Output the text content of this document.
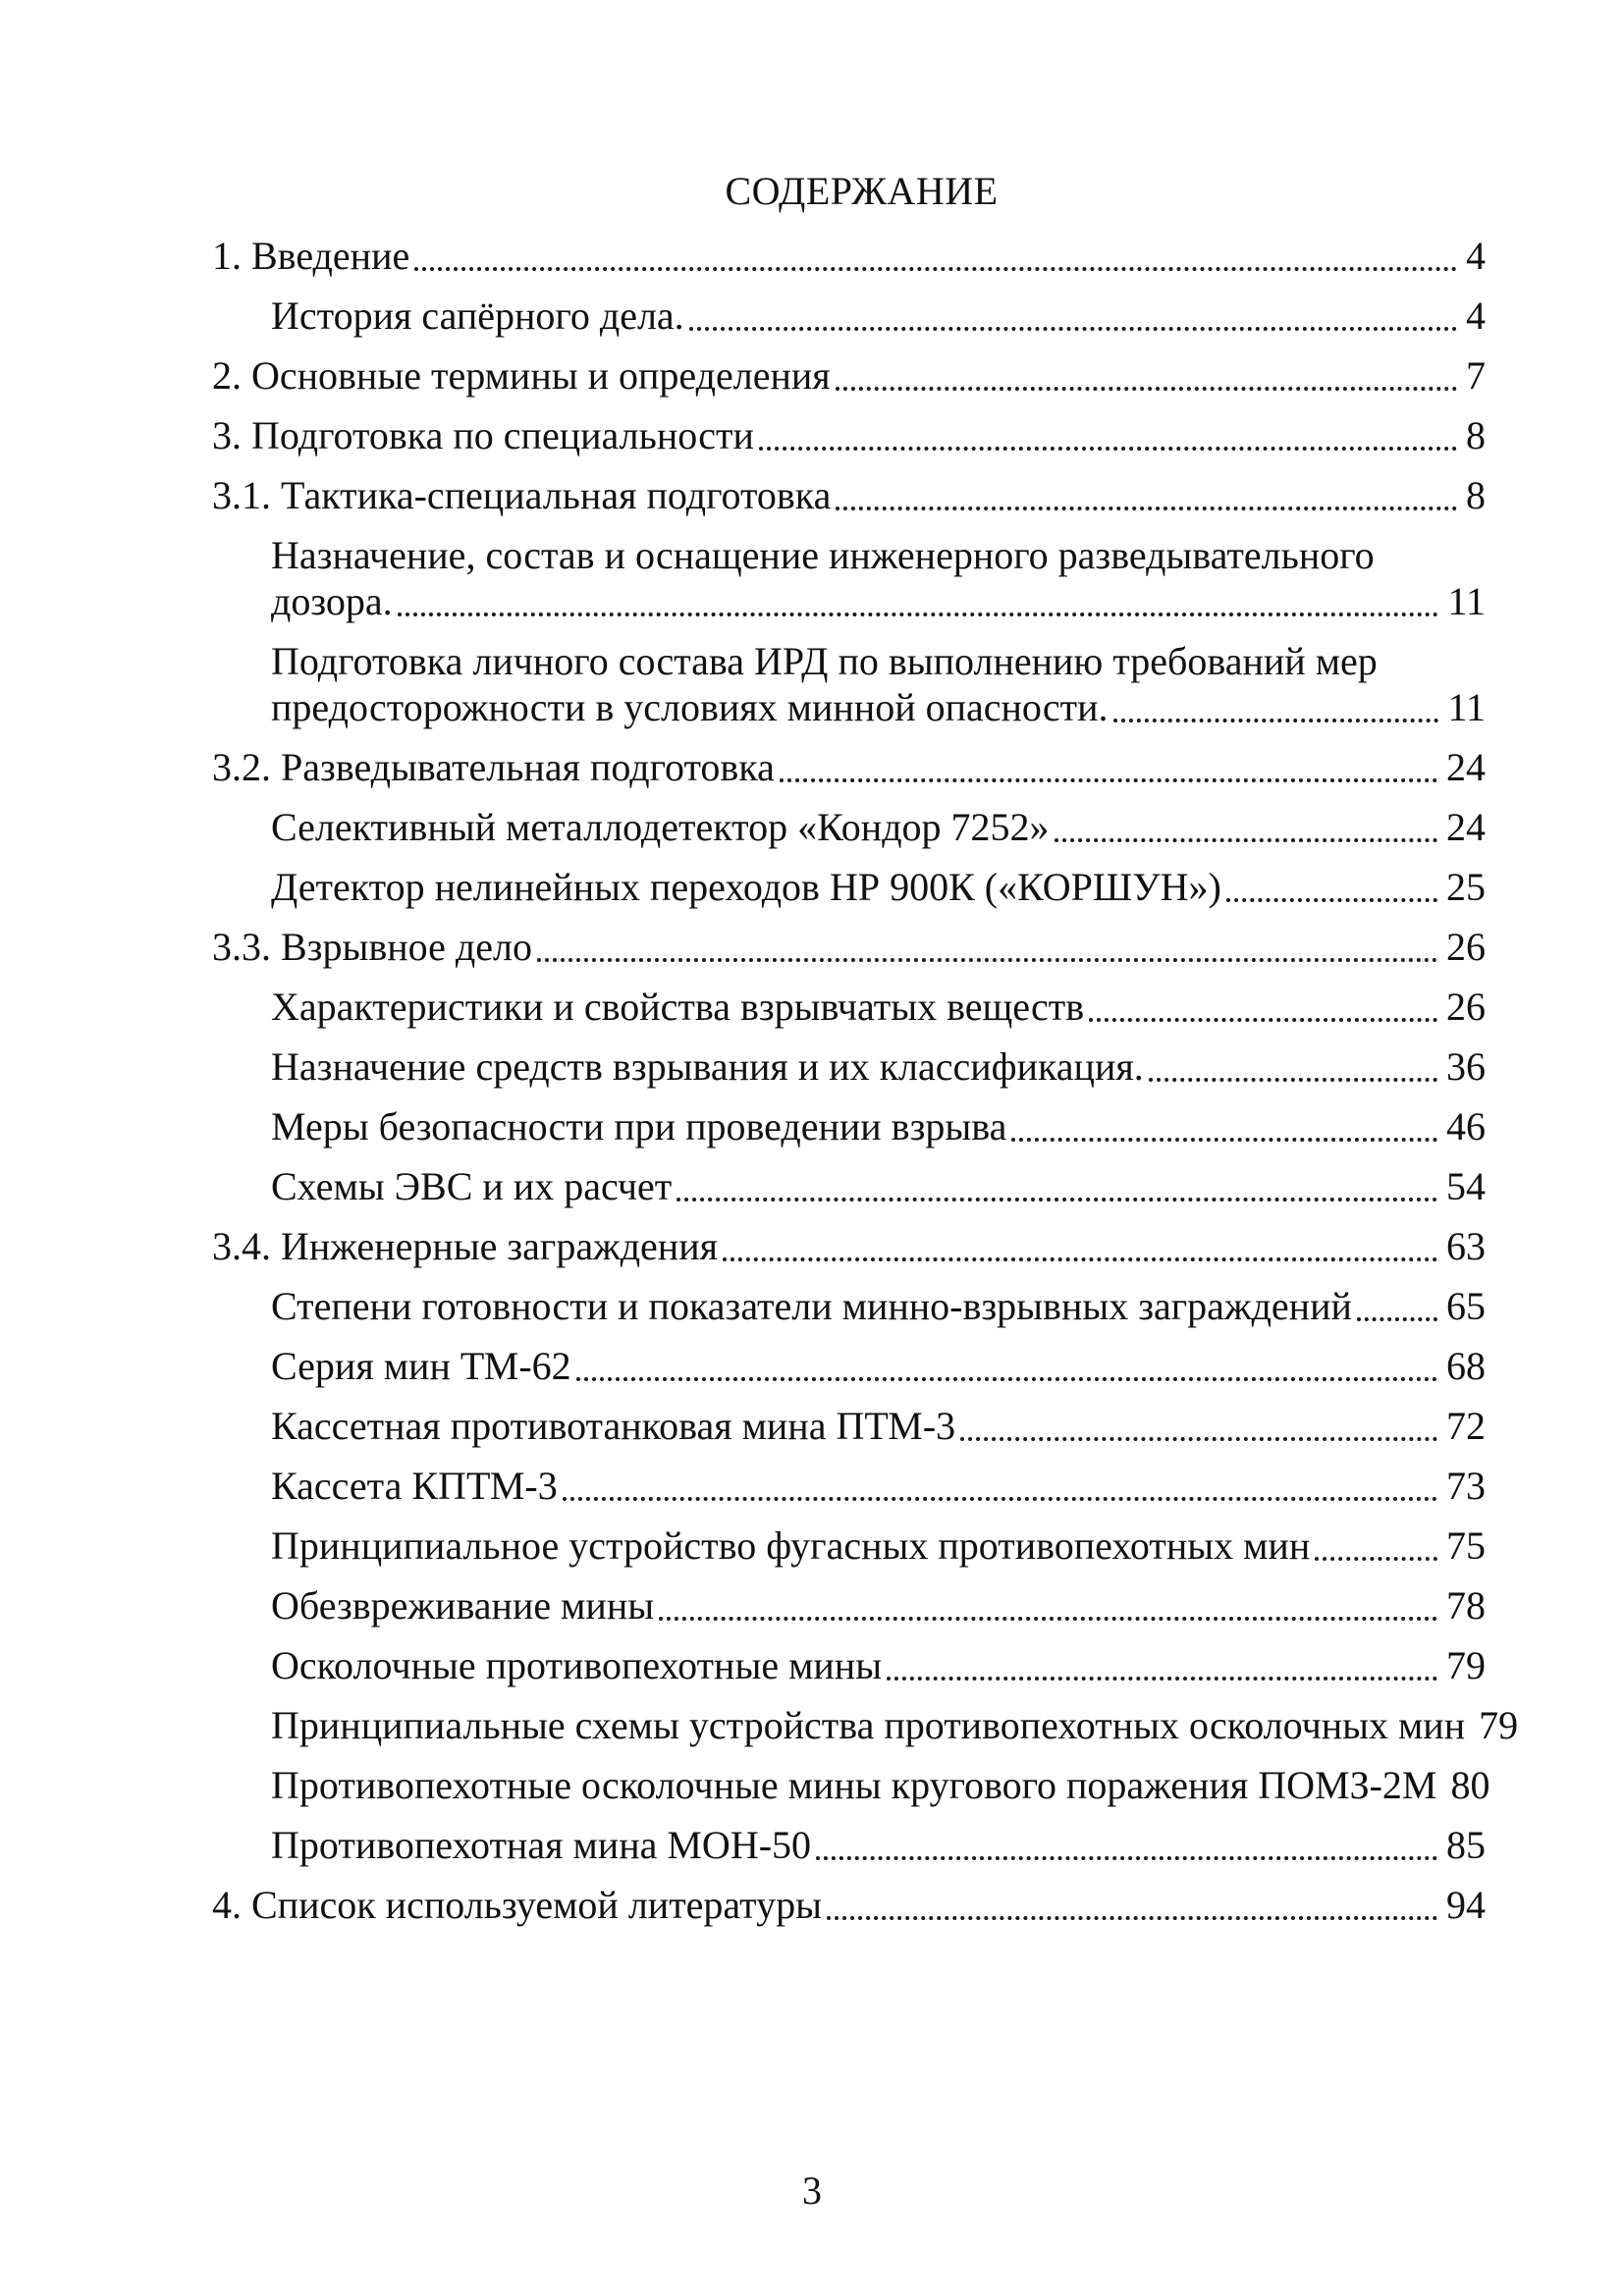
СОДЕРЖАНИЕ
1. Введение	4
История сапёрного дела.	4
2. Основные термины и определения	7
3. Подготовка по специальности	8
3.1. Тактика-специальная подготовка	8
Назначение, состав и оснащение инженерного разведывательного
дозора.	11
Подготовка личного состава ИРД по выполнению требований мер
предосторожности в условиях минной опасности.	11
3.2. Разведывательная подготовка	24
Селективный металлодетектор «Кондор 7252»	24
Детектор нелинейных переходов НР 900К («КОРШУН»)	25
3.3. Взрывное дело	26
Характеристики и свойства взрывчатых веществ	26
Назначение средств взрывания и их классификация.	36
Меры безопасности при проведении взрыва	46
Схемы ЭВС и их расчет	54
3.4. Инженерные заграждения	63
Степени готовности и показатели минно-взрывных заграждений 65
Серия мин ТМ-62	68
Кассетная противотанковая мина ПТМ-3	72
Кассета КПТМ-3	73
Принципиальное устройство фугасных противопехотных мин	75
Обезвреживание мины	78
Осколочные противопехотные мины	79
Принципиальные схемы устройства противопехотных осколочных мин 79
Противопехотные осколочные мины кругового поражения ПОМЗ-2М 80
Противопехотная мина МОН-50	85
4. Список используемой литературы	94
3
